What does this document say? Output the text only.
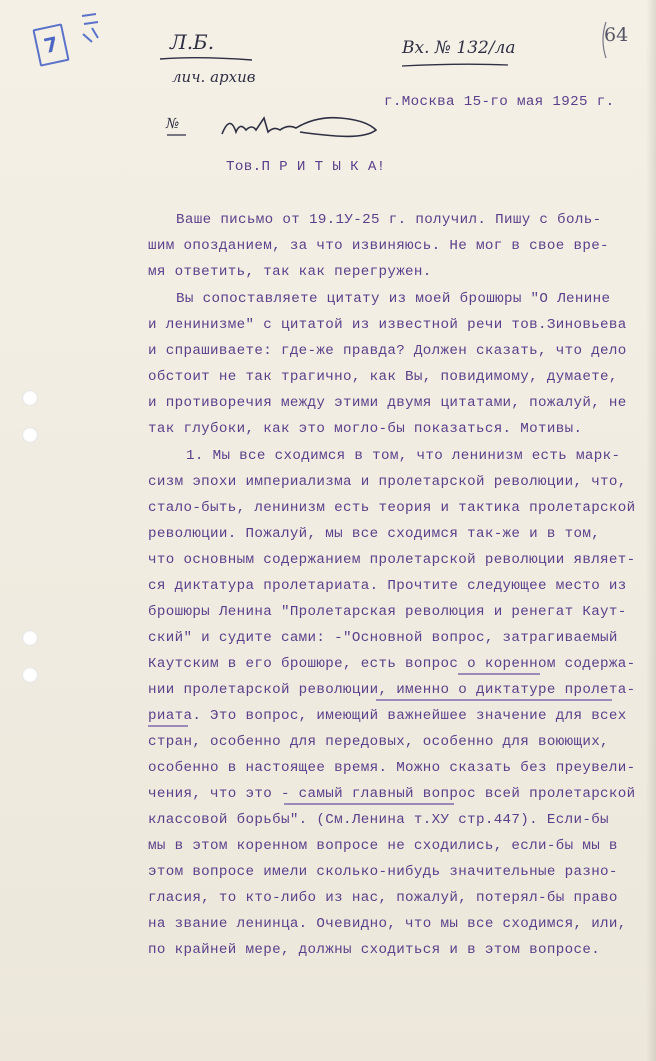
7	Л.Б.
лич. архив
Вх. № 132/ла
64
№
г.Москва 15-го мая 1925 г.
Тов.П Р И Т Ы К А!
Ваше письмо от 19.1У-25 г. получил. Пишу с боль-
шим опозданием, за что извиняюсь. Не мог в свое вре-
мя ответить, так как перегружен.
Вы сопоставляете цитату из моей брошюры "О Ленине
и ленинизме" с цитатой из известной речи тов.Зиновьева
и спрашиваете: где-же правда? Должен сказать, что дело
обстоит не так трагично, как Вы, повидимому, думаете,
и противоречия между этими двумя цитатами, пожалуй, не
так глубоки, как это могло-бы показаться. Мотивы.
1. Мы все сходимся в том, что ленинизм есть марк-
сизм эпохи империализма и пролетарской революции, что,
стало-быть, ленинизм есть теория и тактика пролетарской
революции. Пожалуй, мы все сходимся так-же и в том,
что основным содержанием пролетарской революции являет-
ся диктатура пролетариата. Прочтите следующее место из
брошюры Ленина "Пролетарская революция и ренегат Каут-
ский" и судите сами: -"Основной вопрос, затрагиваемый
Каутским в его брошюре, есть вопрос о коренном содержа-
нии пролетарской революции, именно о диктатуре пролета-
риата. Это вопрос, имеющий важнейшее значение для всех
стран, особенно для передовых, особенно для воюющих,
особенно в настоящее время. Можно сказать без преувели-
чения, что это - самый главный вопрос всей пролетарской
классовой борьбы". (См.Ленина т.ХУ стр.447). Если-бы
мы в этом коренном вопросе не сходились, если-бы мы в
этом вопросе имели сколько-нибудь значительные разно-
гласия, то кто-либо из нас, пожалуй, потерял-бы право
на звание ленинца. Очевидно, что мы все сходимся, или,
по крайней мере, должны сходиться и в этом вопросе.
